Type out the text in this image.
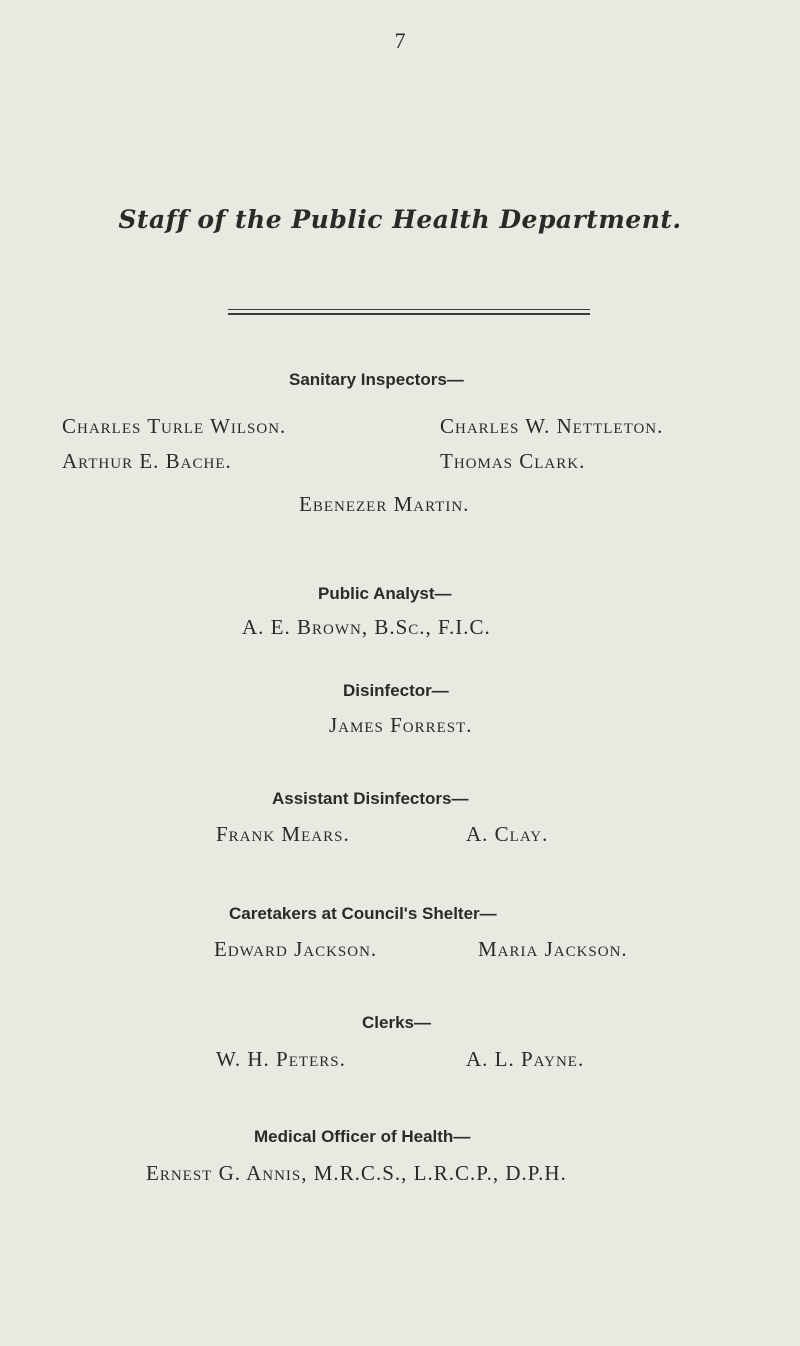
7
Staff of the Public Health Department.
Sanitary Inspectors—
Charles Turle Wilson.	Charles W. Nettleton.
Arthur E. Bache.	Thomas Clark.
Ebenezer Martin.
Public Analyst—
A. E. Brown, B.Sc., F.I.C.
Disinfector—
James Forrest.
Assistant Disinfectors—
Frank Mears.	A. Clay.
Caretakers at Council's Shelter—
Edward Jackson.	Maria Jackson.
Clerks—
W. H. Peters.	A. L. Payne.
Medical Officer of Health—
Ernest G. Annis, M.R.C.S., L.R.C.P., D.P.H.
